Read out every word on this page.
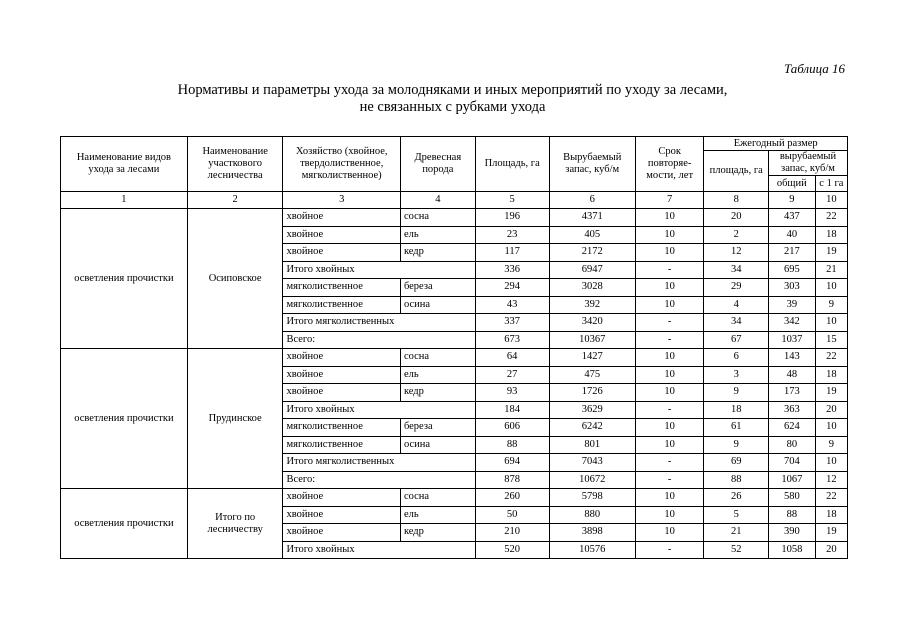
Таблица 16
Нормативы и параметры ухода за молодняками и иных мероприятий по уходу за лесами,
не связанных с рубками ухода
Наименование видов ухода за лесами	Наименование участкового лесничества	Хозяйство (хвойное, твердолиственное, мягколиственное)	Древесная порода	Площадь, га	Вырубаемый запас, куб/м	Срок повторяе-мости, лет	Ежегодный размер		
							площадь, га	вырубаемый запас, куб/м	
								общий	с 1 га
1	2	3	4	5	6	7	8	9	10
осветления прочистки	Осиповское	хвойное	сосна	196	4371	10	20	437	22
		хвойное	ель	23	405	10	2	40	18
		хвойное	кедр	117	2172	10	12	217	19
		Итого хвойных		336	6947	-	34	695	21
		мягколиственное	береза	294	3028	10	29	303	10
		мягколиственное	осина	43	392	10	4	39	9
		Итого мягколиственных		337	3420	-	34	342	10
		Всего:		673	10367	-	67	1037	15
осветления прочистки	Прудинское	хвойное	сосна	64	1427	10	6	143	22
		хвойное	ель	27	475	10	3	48	18
		хвойное	кедр	93	1726	10	9	173	19
		Итого хвойных		184	3629	-	18	363	20
		мягколиственное	береза	606	6242	10	61	624	10
		мягколиственное	осина	88	801	10	9	80	9
		Итого мягколиственных		694	7043	-	69	704	10
		Всего:		878	10672	-	88	1067	12
осветления прочистки	Итого по лесничеству	хвойное	сосна	260	5798	10	26	580	22
		хвойное	ель	50	880	10	5	88	18
		хвойное	кедр	210	3898	10	21	390	19
		Итого хвойных		520	10576	-	52	1058	20
